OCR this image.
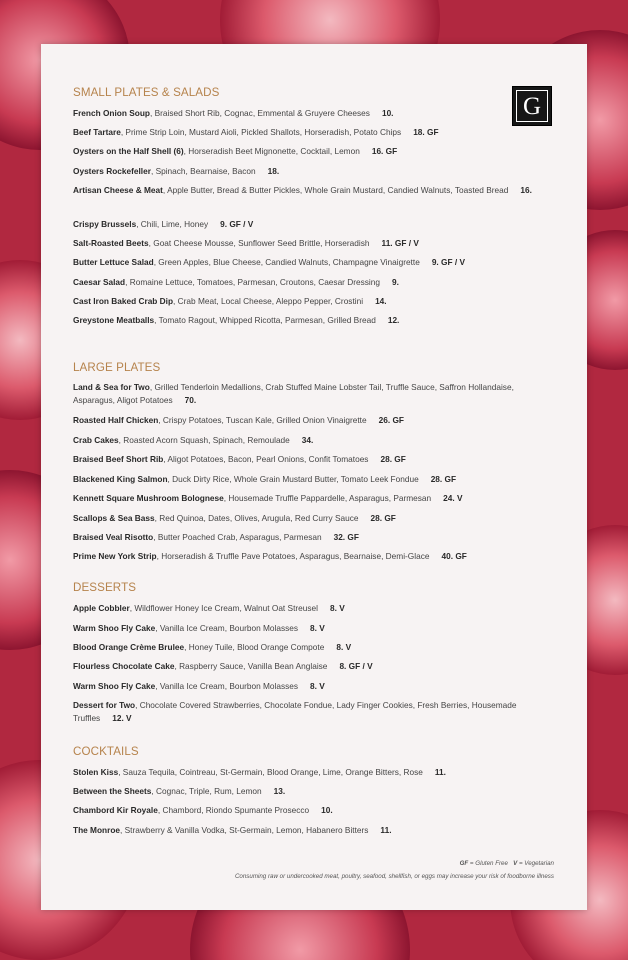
G
SMALL PLATES & SALADS
French Onion Soup, Braised Short Rib, Cognac, Emmental & Gruyere Cheeses 10.
Beef Tartare, Prime Strip Loin, Mustard Aioli, Pickled Shallots, Horseradish, Potato Chips 18. GF
Oysters on the Half Shell (6), Horseradish Beet Mignonette, Cocktail, Lemon 16. GF
Oysters Rockefeller, Spinach, Bearnaise, Bacon 18.
Artisan Cheese & Meat, Apple Butter, Bread & Butter Pickles, Whole Grain Mustard, Candied Walnuts, Toasted Bread 16.
Crispy Brussels, Chili, Lime, Honey 9. GF / V
Salt-Roasted Beets, Goat Cheese Mousse, Sunflower Seed Brittle, Horseradish 11. GF / V
Butter Lettuce Salad, Green Apples, Blue Cheese, Candied Walnuts, Champagne Vinaigrette 9. GF / V
Caesar Salad, Romaine Lettuce, Tomatoes, Parmesan, Croutons, Caesar Dressing 9.
Cast Iron Baked Crab Dip, Crab Meat, Local Cheese, Aleppo Pepper, Crostini 14.
Greystone Meatballs, Tomato Ragout, Whipped Ricotta, Parmesan, Grilled Bread 12.
LARGE PLATES
Land & Sea for Two, Grilled Tenderloin Medallions, Crab Stuffed Maine Lobster Tail, Truffle Sauce, Saffron Hollandaise, Asparagus, Aligot Potatoes 70.
Roasted Half Chicken, Crispy Potatoes, Tuscan Kale, Grilled Onion Vinaigrette 26. GF
Crab Cakes, Roasted Acorn Squash, Spinach, Remoulade 34.
Braised Beef Short Rib, Aligot Potatoes, Bacon, Pearl Onions, Confit Tomatoes 28. GF
Blackened King Salmon, Duck Dirty Rice, Whole Grain Mustard Butter, Tomato Leek Fondue 28. GF
Kennett Square Mushroom Bolognese, Housemade Truffle Pappardelle, Asparagus, Parmesan 24. V
Scallops & Sea Bass, Red Quinoa, Dates, Olives, Arugula, Red Curry Sauce 28. GF
Braised Veal Risotto, Butter Poached Crab, Asparagus, Parmesan 32. GF
Prime New York Strip, Horseradish & Truffle Pave Potatoes, Asparagus, Bearnaise, Demi-Glace 40. GF
DESSERTS
Apple Cobbler, Wildflower Honey Ice Cream, Walnut Oat Streusel 8. V
Warm Shoo Fly Cake, Vanilla Ice Cream, Bourbon Molasses 8. V
Blood Orange Crème Brulee, Honey Tuile, Blood Orange Compote 8. V
Flourless Chocolate Cake, Raspberry Sauce, Vanilla Bean Anglaise 8. GF / V
Warm Shoo Fly Cake, Vanilla Ice Cream, Bourbon Molasses 8. V
Dessert for Two, Chocolate Covered Strawberries, Chocolate Fondue, Lady Finger Cookies, Fresh Berries, Housemade Truffles 12. V
COCKTAILS
Stolen Kiss, Sauza Tequila, Cointreau, St-Germain, Blood Orange, Lime, Orange Bitters, Rose 11.
Between the Sheets, Cognac, Triple, Rum, Lemon 13.
Chambord Kir Royale, Chambord, Riondo Spumante Prosecco 10.
The Monroe, Strawberry & Vanilla Vodka, St-Germain, Lemon, Habanero Bitters 11.
GF = Gluten Free V = Vegetarian
Consuming raw or undercooked meat, poultry, seafood, shellfish, or eggs may increase your risk of foodborne illness
